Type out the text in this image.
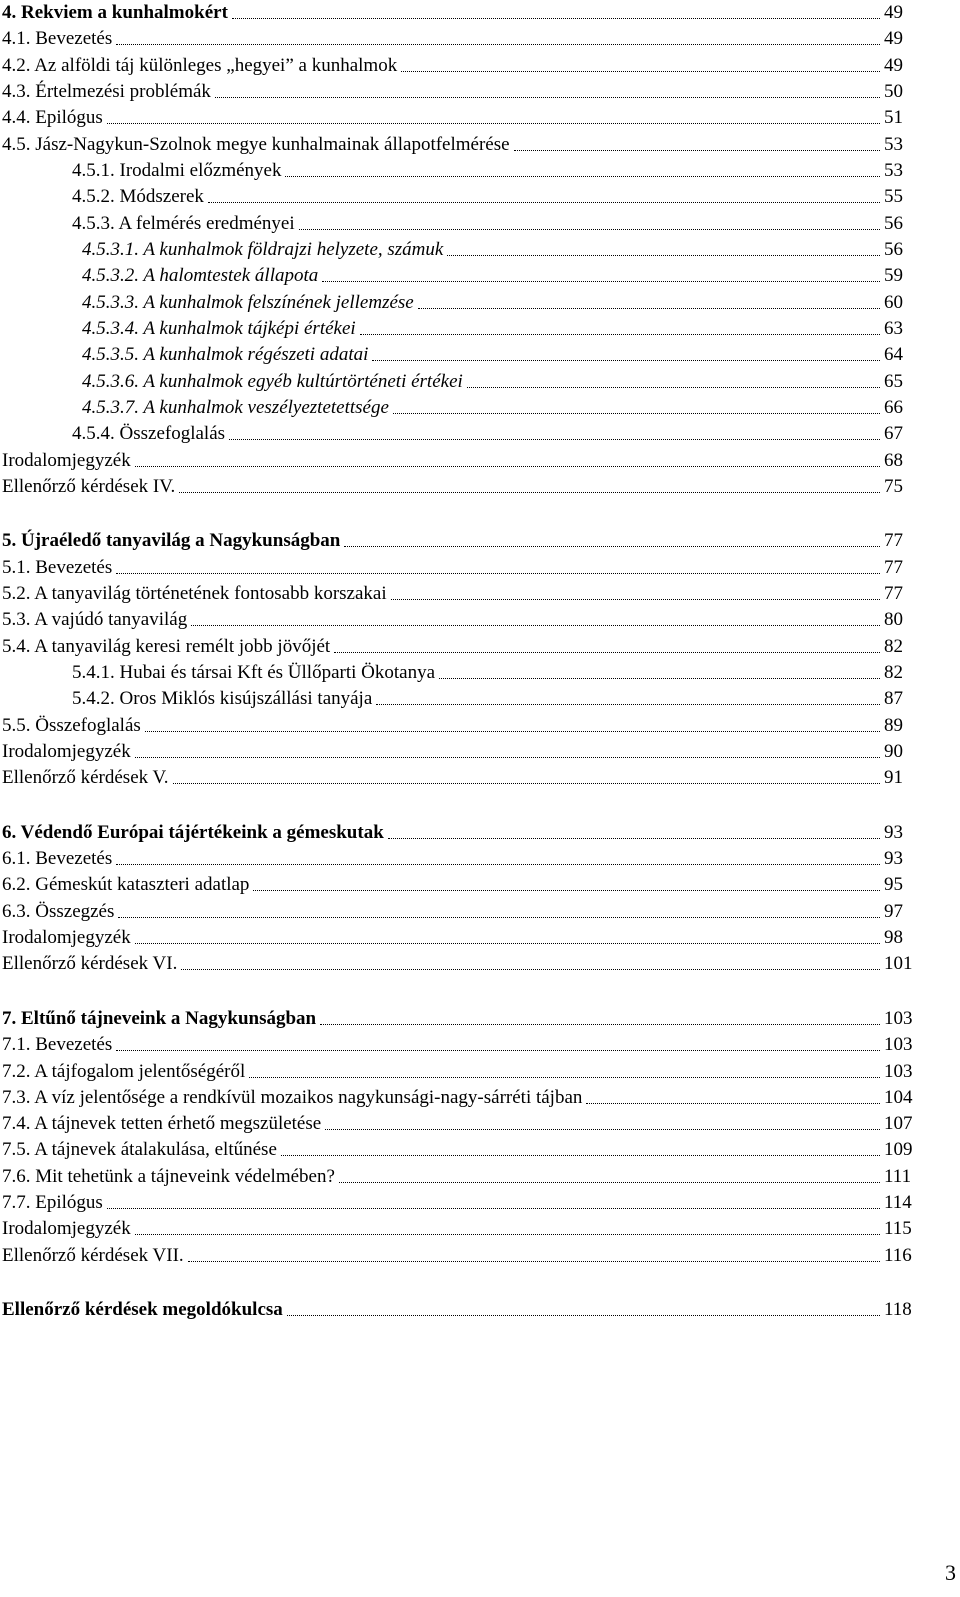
4. Rekviem a kunhalmokért	49
4.1. Bevezetés	49
4.2. Az alföldi táj különleges „hegyei” a kunhalmok	49
4.3. Értelmezési problémák	50
4.4. Epilógus	51
4.5. Jász-Nagykun-Szolnok megye kunhalmainak állapotfelmérése	53
4.5.1. Irodalmi előzmények	53
4.5.2. Módszerek	55
4.5.3. A felmérés eredményei	56
4.5.3.1. A kunhalmok földrajzi helyzete, számuk	56
4.5.3.2. A halomtestek állapota	59
4.5.3.3. A kunhalmok felszínének jellemzése	60
4.5.3.4. A kunhalmok tájképi értékei	63
4.5.3.5. A kunhalmok régészeti adatai	64
4.5.3.6. A kunhalmok egyéb kultúrtörténeti értékei	65
4.5.3.7. A kunhalmok veszélyeztetettsége	66
4.5.4. Összefoglalás	67
Irodalomjegyzék	68
Ellenőrző kérdések IV.	75
5. Újraéledő tanyavilág a Nagykunságban	77
5.1. Bevezetés	77
5.2. A tanyavilág történetének fontosabb korszakai	77
5.3. A vajúdó tanyavilág	80
5.4. A tanyavilág keresi remélt jobb jövőjét	82
5.4.1. Hubai és társai Kft és Üllőparti Ökotanya	82
5.4.2. Oros Miklós kisújszállási tanyája	87
5.5. Összefoglalás	89
Irodalomjegyzék	90
Ellenőrző kérdések V.	91
6. Védendő Európai tájértékeink a gémeskutak	93
6.1. Bevezetés	93
6.2. Gémeskút kataszteri adatlap	95
6.3. Összegzés	97
Irodalomjegyzék	98
Ellenőrző kérdések VI.	101
7. Eltűnő tájneveink a Nagykunságban	103
7.1. Bevezetés	103
7.2. A tájfogalom jelentőségéről	103
7.3. A víz jelentősége a rendkívül mozaikos nagykunsági-nagy-sárréti tájban	104
7.4. A tájnevek tetten érhető megszületése	107
7.5. A tájnevek átalakulása, eltűnése	109
7.6. Mit tehetünk a tájneveink védelmében?	111
7.7. Epilógus	114
Irodalomjegyzék	115
Ellenőrző kérdések VII.	116
Ellenőrző kérdések megoldókulcsa	118
3
